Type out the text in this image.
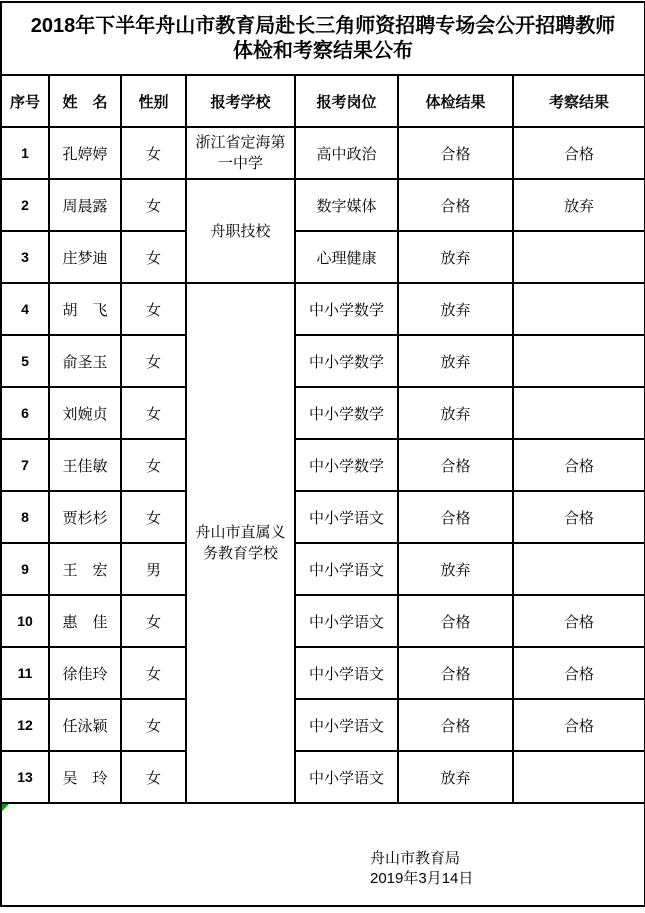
2018年下半年舟山市教育局赴长三角师资招聘专场会公开招聘教师
体检和考察结果公布						

序号	姓　名	性别	报考学校	报考岗位	体检结果	考察结果
1	孔婷婷	女	浙江省定海第一中学	高中政治	合格	合格
2	周晨露	女	舟职技校	数字媒体	合格	放弃
3	庄梦迪	女		心理健康	放弃	
4	胡　飞	女	舟山市直属义务教育学校	中小学数学	放弃	
5	俞圣玉	女		中小学数学	放弃	
6	刘婉贞	女		中小学数学	放弃	
7	王佳敏	女		中小学数学	合格	合格
8	贾杉杉	女		中小学语文	合格	合格
9	王　宏	男		中小学语文	放弃	
10	惠　佳	女		中小学语文	合格	合格
11	徐佳玲	女		中小学语文	合格	合格
12	任泳颖	女		中小学语文	合格	合格
13	吴　玲	女		中小学语文	放弃	

舟山市教育局
2019年3月14日						
